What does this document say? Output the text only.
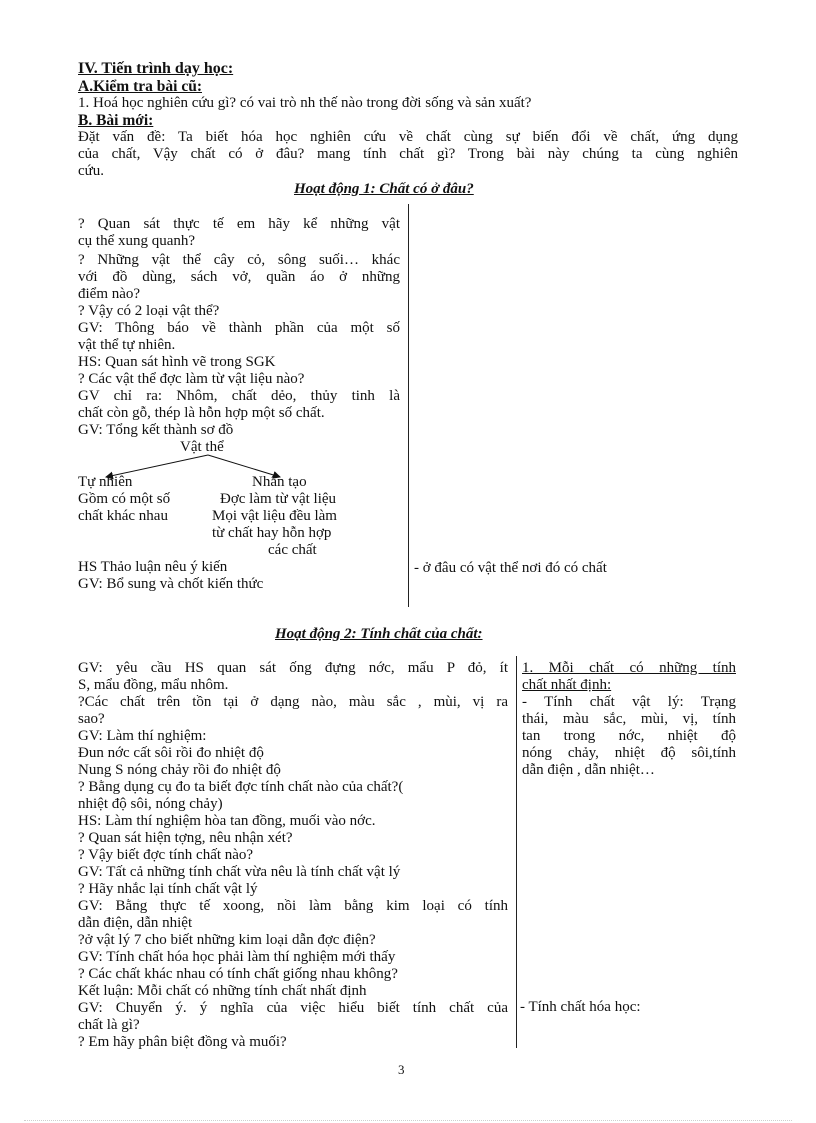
IV. Tiến trình dạy học:
A.Kiểm tra bài cũ:
1. Hoá học nghiên cứu gì? có vai trò nh thế nào trong đời sống và sản xuất?
B. Bài mới:
Đặt vấn đề: Ta biết hóa học nghiên cứu về chất cùng sự biến đổi về chất, ứng dụng
của chất, Vậy chất có ở đâu? mang tính chất gì? Trong bài này chúng ta cùng nghiên
cứu.
Hoạt động 1: Chất có ở đâu?
? Quan sát thực tế em hãy kể những vật
cụ thể xung quanh?
? Những vật thể cây cỏ, sông suối… khác
với đồ dùng, sách vở, quần áo ở những
điểm nào?
? Vậy có 2 loại vật thể?
GV: Thông báo về thành phần của một số
vật thể tự nhiên.
HS: Quan sát hình vẽ trong SGK
? Các vật thể đợc làm từ vật liệu nào?
GV chỉ ra: Nhôm, chất dẻo, thủy tinh là
chất còn gỗ, thép là hỗn hợp một số chất.
GV: Tổng kết thành sơ đồ
Vật thể
Tự nhiên
Gồm có một số
chất khác nhau
Nhân tạo
Đợc làm từ vật liệu
Mọi vật liệu đều làm
từ chất hay hỗn hợp
các chất
HS Thảo luận nêu ý kiến
GV: Bổ sung và chốt kiến thức
- ở đâu có vật thể nơi đó có chất
Hoạt động 2: Tính chất của chất:
GV: yêu cầu HS quan sát ống đựng nớc, mẩu P đỏ, ít
S, mẩu đồng, mẩu nhôm.
?Các chất trên tồn tại ở dạng nào, màu sắc , mùi, vị ra
sao?
GV: Làm thí nghiệm:
Đun nớc cất sôi rồi đo nhiệt độ
Nung S nóng chảy rồi đo nhiệt độ
? Bằng dụng cụ đo ta biết đợc tính chất nào của chất?(
nhiệt độ sôi, nóng chảy)
HS: Làm thí nghiệm hòa tan đồng, muối vào nớc.
? Quan sát hiện tợng, nêu nhận xét?
? Vậy biết đợc tính chất nào?
GV: Tất cả những tính chất vừa nêu là tính chất vật lý
? Hãy nhắc lại tính chất vật lý
GV: Bằng thực tế xoong, nồi làm bằng kim loại có tính
dẫn điện, dẫn nhiệt
?ở vật lý 7 cho biết những kim loại dẫn đợc điện?
GV: Tính chất hóa học phải làm thí nghiệm mới thấy
? Các chất khác nhau có tính chất giống nhau không?
Kết luận: Mỗi chất có những tính chất nhất định
GV: Chuyển ý. ý nghĩa của việc hiểu biết tính chất của
chất là gì?
? Em hãy phân biệt đồng và muối?
1. Mỗi chất có những tính
chất nhất định:
- Tính chất vật lý: Trạng
thái, màu sắc, mùi, vị, tính
tan trong nớc, nhiệt độ
nóng chảy, nhiệt độ sôi,tính
dẫn điện , dẫn nhiệt…
- Tính chất hóa học:
3
